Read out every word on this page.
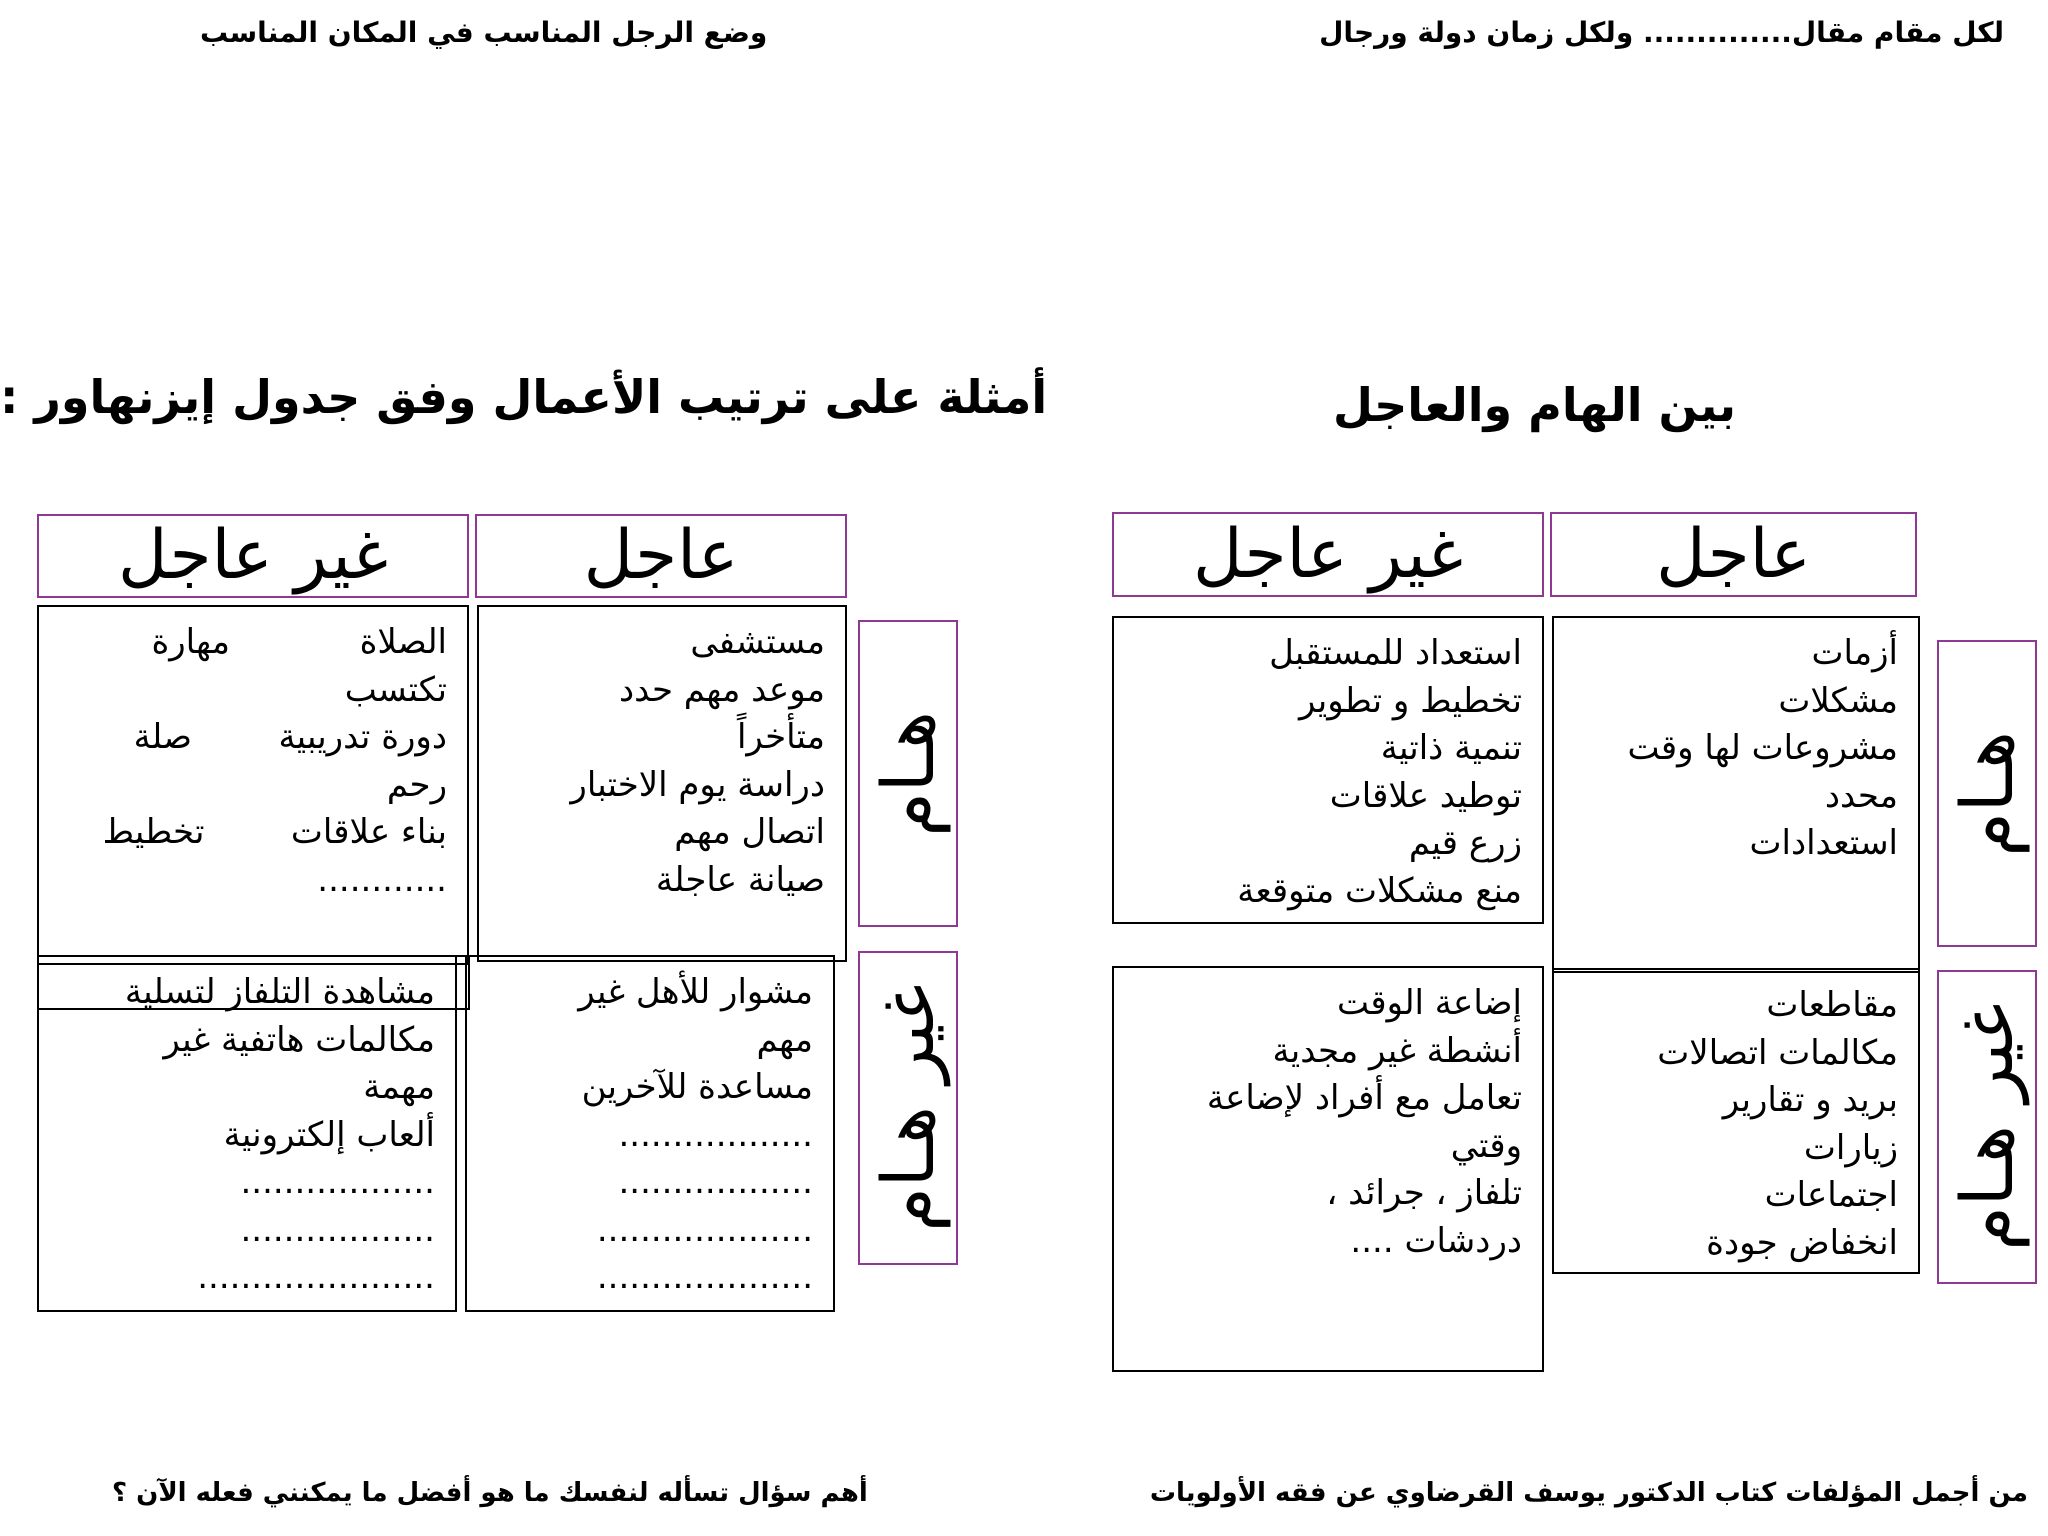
لكل مقام مقال.............. ولكل زمان دولة ورجال
وضع الرجل المناسب في المكان المناسب
بين الهام والعاجل
أمثلة على ترتيب الأعمال وفق جدول إيزنهاور :
عاجل
غير عاجل
هـام
غير هـام
أزمات
مشكلات
مشروعات لها وقت
محدد
استعدادات
استعداد للمستقبل
تخطيط و تطوير
تنمية ذاتية
توطيد علاقات
زرع قيم
منع مشكلات متوقعة
مقاطعات
مكالمات اتصالات
بريد و تقارير
زيارات
اجتماعات
انخفاض جودة
إضاعة الوقت
أنشطة غير مجدية
تعامل مع أفراد لإضاعة
وقتي
تلفاز ، جرائد ،
دردشات ....
عاجل
غير عاجل
هـام
غير هـام
مستشفى
موعد مهم حدد
متأخراً
دراسة يوم الاختبار
اتصال مهم
صيانة عاجلة
الصلاة            مهارة
تكتسب
دورة تدريبية        صلة
رحم
بناء علاقات        تخطيط
............
مشوار للأهل غير
مهم
مساعدة للآخرين
..................
..................
....................
....................
مشاهدة التلفاز لتسلية
مكالمات هاتفية غير
مهمة
ألعاب إلكترونية
..................
..................
......................
من أجمل المؤلفات كتاب الدكتور يوسف القرضاوي عن فقه الأولويات
أهم سؤال تسأله لنفسك ما هو أفضل ما يمكنني فعله الآن ؟
